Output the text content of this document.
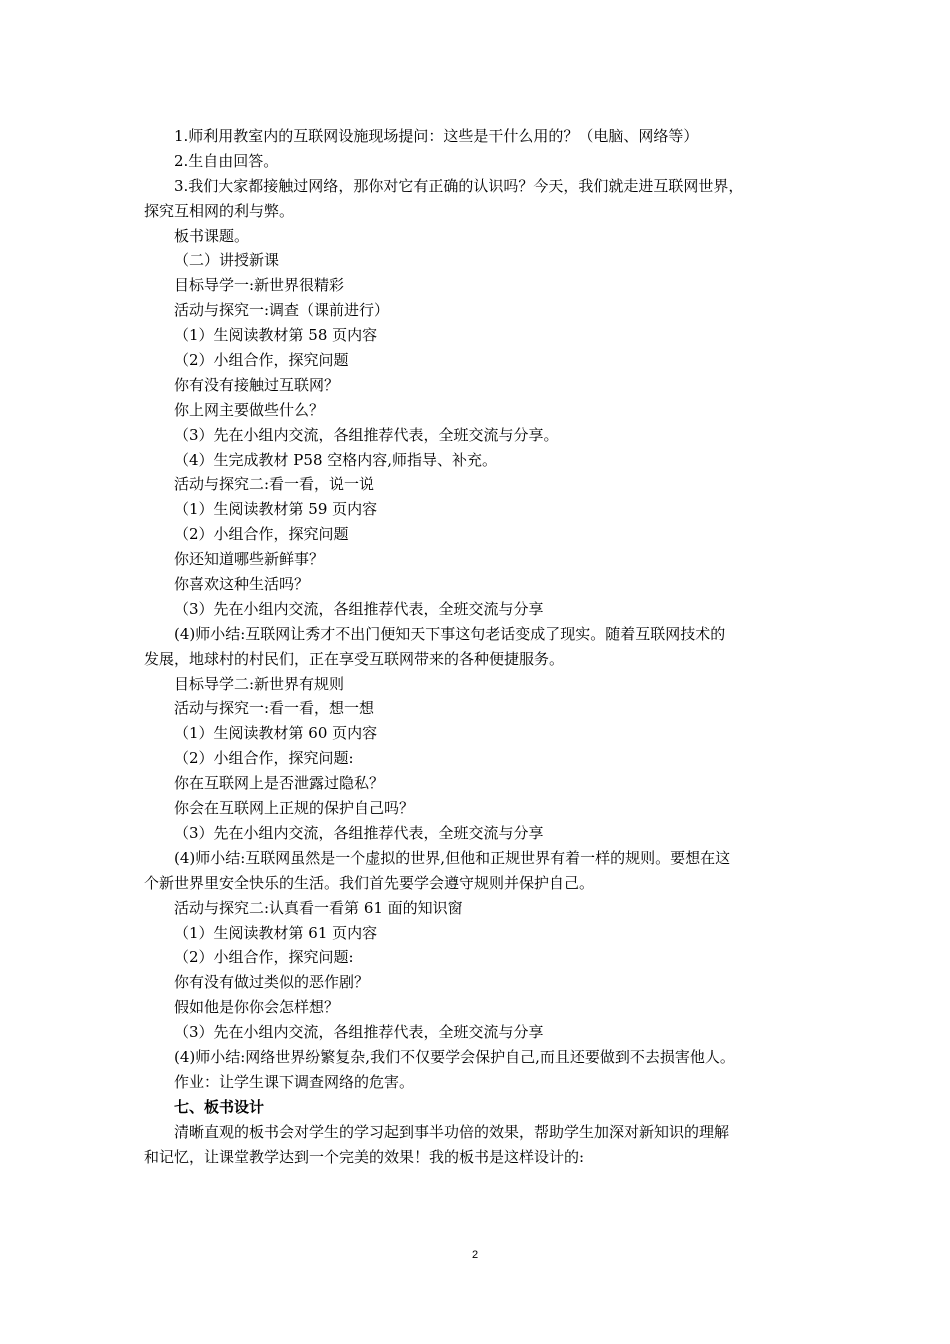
1.师利用教室内的互联网设施现场提问：这些是干什么用的？（电脑、网络等）
2.生自由回答。
3.我们大家都接触过网络，那你对它有正确的认识吗？今天，我们就走进互联网世界，
探究互相网的利与弊。
板书课题。
（二）讲授新课
目标导学一:新世界很精彩
活动与探究一:调查（课前进行）
（1）生阅读教材第 58 页内容
（2）小组合作，探究问题
你有没有接触过互联网？
你上网主要做些什么？
（3）先在小组内交流，各组推荐代表，全班交流与分享。
（4）生完成教材 P58 空格内容,师指导、补充。
活动与探究二:看一看，说一说
（1）生阅读教材第 59 页内容
（2）小组合作，探究问题
你还知道哪些新鲜事？
你喜欢这种生活吗？
（3）先在小组内交流，各组推荐代表，全班交流与分享
(4)师小结:互联网让秀才不出门便知天下事这句老话变成了现实。随着互联网技术的
发展，地球村的村民们，正在享受互联网带来的各种便捷服务。
目标导学二:新世界有规则
活动与探究一:看一看，想一想
（1）生阅读教材第 60 页内容
（2）小组合作，探究问题:
你在互联网上是否泄露过隐私？
你会在互联网上正规的保护自己吗？
（3）先在小组内交流，各组推荐代表，全班交流与分享
(4)师小结:互联网虽然是一个虚拟的世界,但他和正规世界有着一样的规则。要想在这
个新世界里安全快乐的生活。我们首先要学会遵守规则并保护自己。
活动与探究二:认真看一看第 61 面的知识窗
（1）生阅读教材第 61 页内容
（2）小组合作，探究问题:
你有没有做过类似的恶作剧？
假如他是你你会怎样想？
（3）先在小组内交流，各组推荐代表，全班交流与分享
(4)师小结:网络世界纷繁复杂,我们不仅要学会保护自己,而且还要做到不去损害他人。
作业：让学生课下调查网络的危害。
七、板书设计
清晰直观的板书会对学生的学习起到事半功倍的效果，帮助学生加深对新知识的理解
和记忆，让课堂教学达到一个完美的效果！我的板书是这样设计的:
2
